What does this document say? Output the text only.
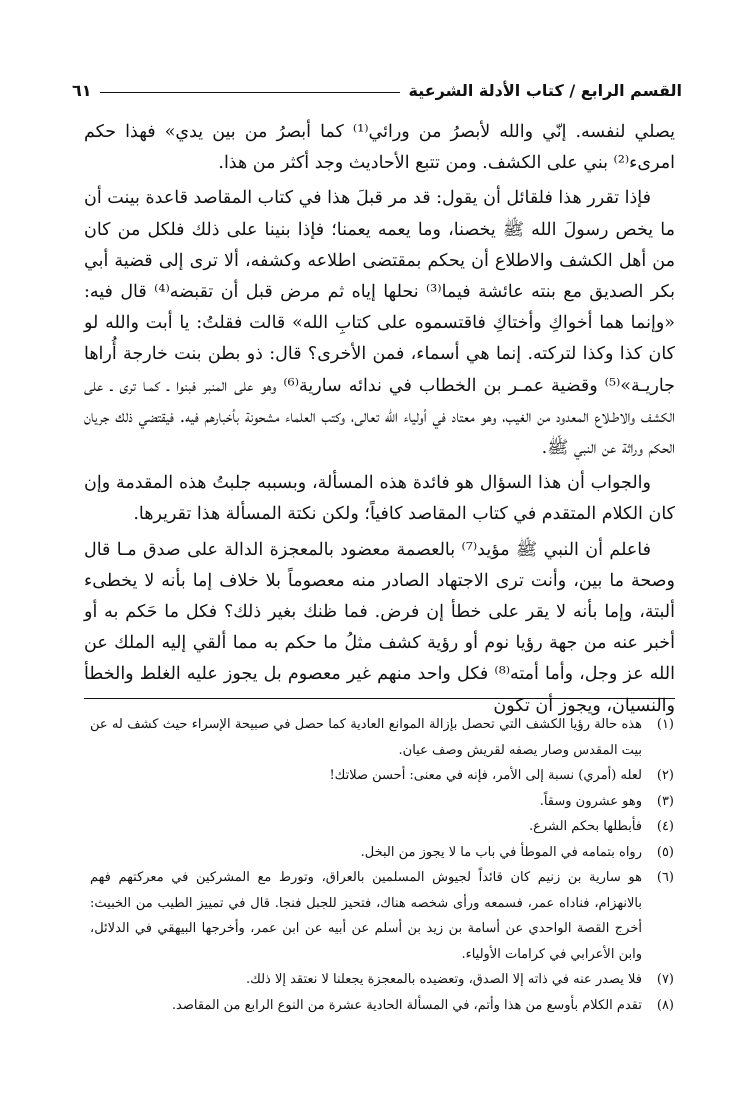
القسم الرابع / كتاب الأدلة الشرعية
٦١

يصلي لنفسه. إنّي والله لأبصرُ من ورائي⁽¹⁾ كما أبصرُ من بين يدي» فهذا حكم امرىء⁽²⁾ بني على الكشف. ومن تتبع الأحاديث وجد أكثر من هذا.

فإذا تقرر هذا فلقائل أن يقول: قد مر قبلَ هذا في كتاب المقاصد قاعدة بينت أن ما يخص رسولَ الله ﷺ يخصنا، وما يعمه يعمنا؛ فإذا بنينا على ذلك فلكل من كان من أهل الكشف والاطلاع أن يحكم بمقتضى اطلاعه وكشفه، ألا ترى إلى قضية أبي بكر الصديق مع بنته عائشة فيما⁽³⁾ نحلها إياه ثم مرض قبل أن تقبضه⁽⁴⁾ قال فيه: «وإنما هما أخواكِ وأختاكِ فاقتسموه على كتابِ الله» قالت فقلتُ: يا أبت والله لو كان كذا وكذا لتركته. إنما هي أسماء، فمن الأخرى؟ قال: ذو بطن بنت خارجة أُراها جاريـة»⁽⁵⁾ وقضية عمـر بن الخطاب في ندائه سارية⁽⁶⁾ وهو على المنبر فبنوا ـ كمـا ترى ـ على الكشف والاطـلاع المعدود من الغيب، وهو معتاد في أولياء الله تعالى، وكتب العلماء مشحونة بأخبارهم فيه. فيقتضي ذلك جريان الحكم وراثة عن النبي ﷺ.

والجواب أن هذا السؤال هو فائدة هذه المسألة، وبسببه جلبتُ هذه المقدمة وإن كان الكلام المتقدم في كتاب المقاصد كافياً؛ ولكن نكتة المسألة هذا تقريرها.

فاعلم أن النبي ﷺ مؤيد⁽⁷⁾ بالعصمة معضود بالمعجزة الدالة على صدق مـا قال وصحة ما بين، وأنت ترى الاجتهاد الصادر منه معصوماً بلا خلاف إما بأنه لا يخطىء ألبتة، وإما بأنه لا يقر على خطأ إن فرض. فما ظنك بغير ذلك؟ فكل ما حَكم به أو أخبر عنه من جهة رؤيا نوم أو رؤية كشف مثلُ ما حكم به مما ألقي إليه الملك عن الله عز وجل، وأما أمته⁽⁸⁾ فكل واحد منهم غير معصوم بل يجوز عليه الغلط والخطأ والنسيان، ويجوز أن تكون

(١)
هذه حالة رؤيا الكشف التي تحصل بإزالة الموانع العادية كما حصل في صبيحة الإسراء حيث كشف له عن بيت المقدس وصار يصفه لقريش وصف عيان.
(٢)
لعله (أمري) نسبة إلى الأمر، فإنه في معنى: أحسن صلاتك!
(٣)
وهو عشرون وسقاً.
(٤)
فأبطلها بحكم الشرع.
(٥)
رواه بتمامه في الموطأ في باب ما لا يجوز من البخل.
(٦)
هو سارية بن زنيم كان قائداً لجيوش المسلمين بالعراق، وتورط مع المشركين في معركتهم فهم بالانهزام، فناداه عمر، فسمعه ورأى شخصه هناك، فتحيز للجبل فنجا. قال في تمييز الطيب من الخبيث: أخرج القصة الواحدي عن أسامة بن زيد بن أسلم عن أبيه عن ابن عمر، وأخرجها البيهقي في الدلائل، وابن الأعرابي في كرامات الأولياء.
(٧)
فلا يصدر عنه في ذاته إلا الصدق، وتعضيده بالمعجزة يجعلنا لا نعتقد إلا ذلك.
(٨)
تقدم الكلام بأوسع من هذا وأتم، في المسألة الحادية عشرة من النوع الرابع من المقاصد.
